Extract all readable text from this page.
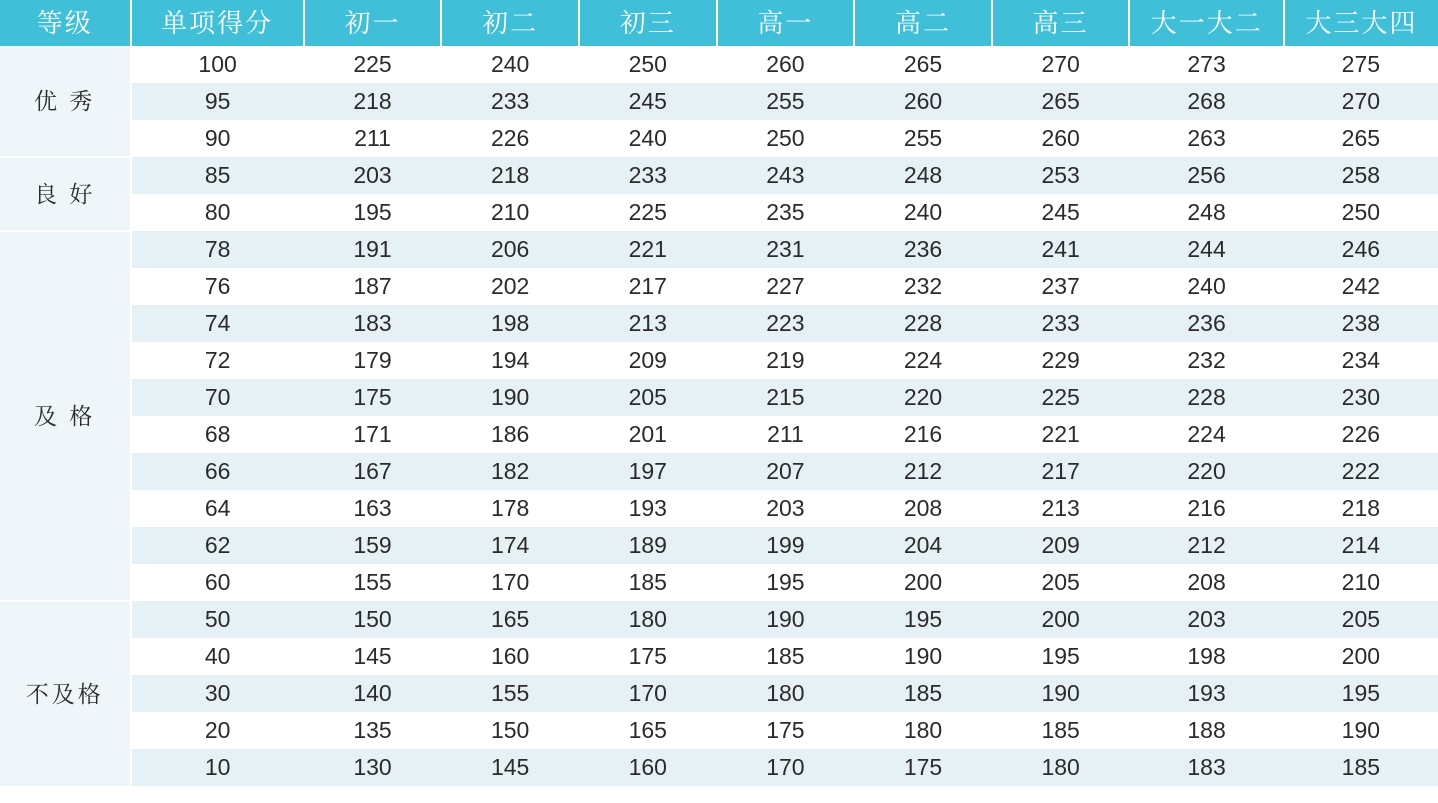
等级	单项得分	初一	初二	初三	高一	高二	高三	大一大二	大三大四
优 秀	100	225	240	250	260	265	270	273	275
	95	218	233	245	255	260	265	268	270
	90	211	226	240	250	255	260	263	265
良 好	85	203	218	233	243	248	253	256	258
	80	195	210	225	235	240	245	248	250
及 格	78	191	206	221	231	236	241	244	246
	76	187	202	217	227	232	237	240	242
	74	183	198	213	223	228	233	236	238
	72	179	194	209	219	224	229	232	234
	70	175	190	205	215	220	225	228	230
	68	171	186	201	211	216	221	224	226
	66	167	182	197	207	212	217	220	222
	64	163	178	193	203	208	213	216	218
	62	159	174	189	199	204	209	212	214
	60	155	170	185	195	200	205	208	210
不及格	50	150	165	180	190	195	200	203	205
	40	145	160	175	185	190	195	198	200
	30	140	155	170	180	185	190	193	195
	20	135	150	165	175	180	185	188	190
	10	130	145	160	170	175	180	183	185
